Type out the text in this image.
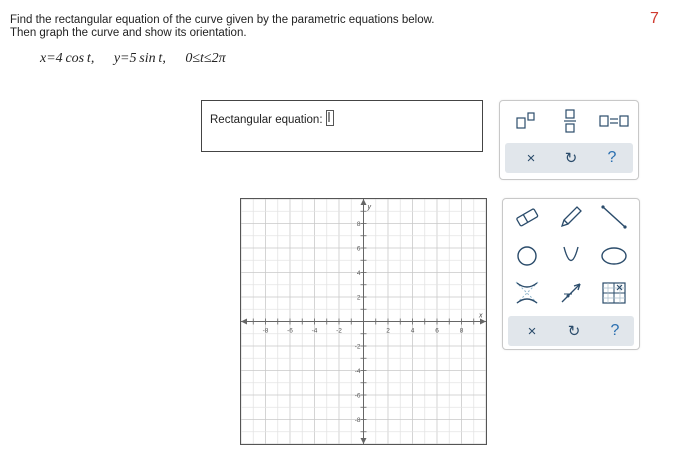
Find the rectangular equation of the curve given by the parametric equations below.
Then graph the curve and show its orientation.
7
x=4 cos t, y=5 sin t, 0≤t≤2π
Rectangular equation:
×	↻	?
×	↻	?
-8	-6	-4	-2	2	4	6	8
8
6
4
2
-2
-4
-6
-8
x
y
